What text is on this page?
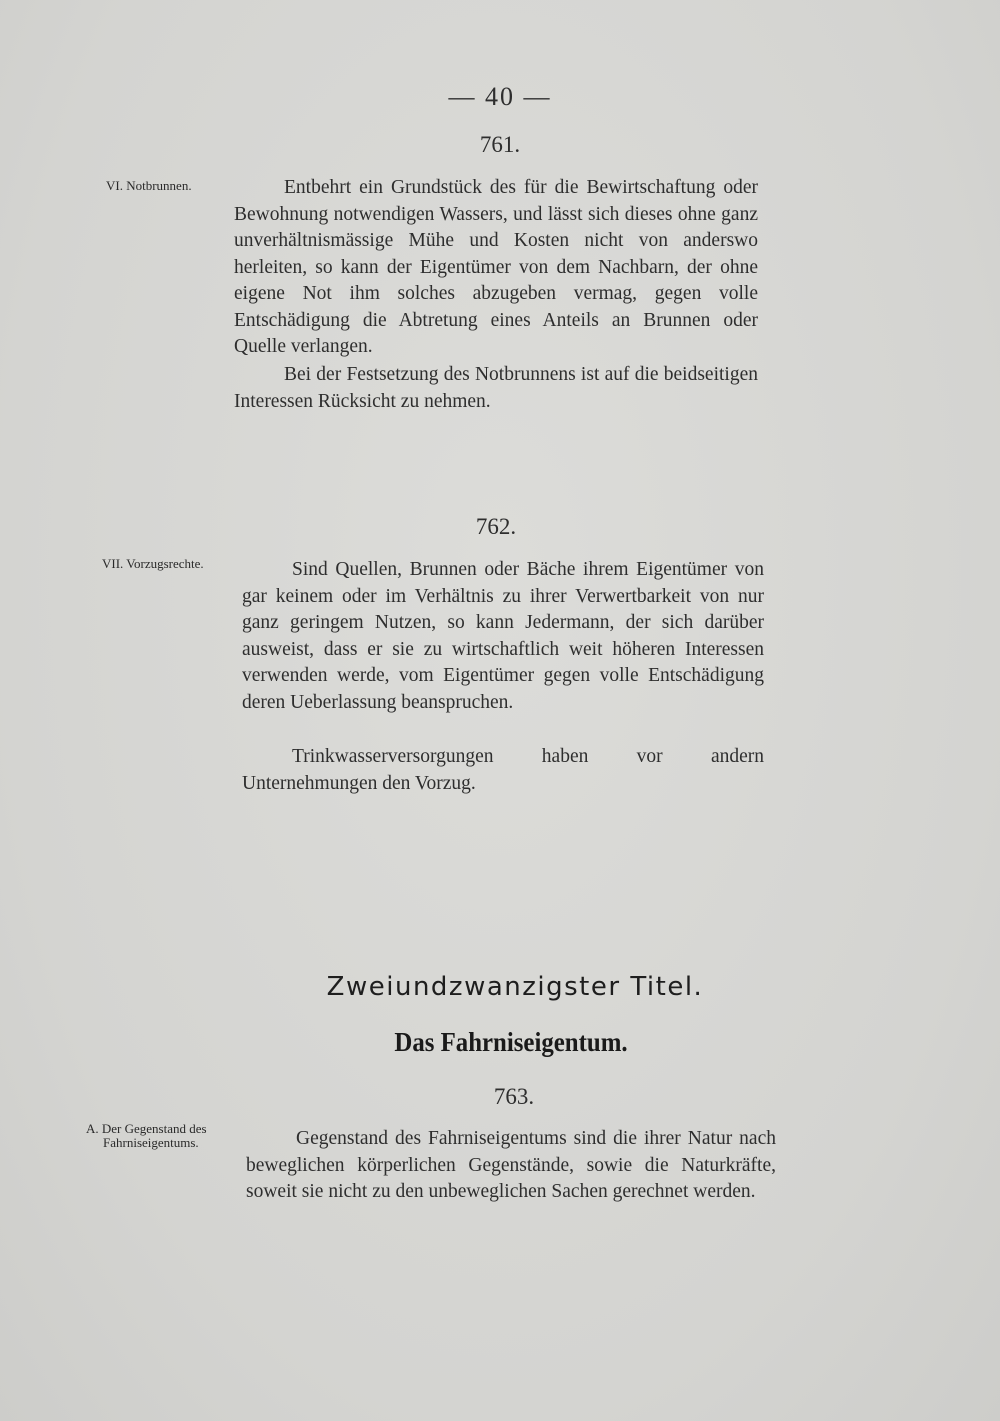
— 40 —
761.
VI. Notbrunnen.	Entbehrt ein Grundstück des für die Bewirtschaftung oder Bewohnung notwendigen Wassers, und lässt sich dieses ohne ganz unverhältnismässige Mühe und Kosten nicht von anderswo herleiten, so kann der Eigentümer von dem Nachbarn, der ohne eigene Not ihm solches abzugeben vermag, gegen volle Entschädigung die Abtretung eines Anteils an Brunnen oder Quelle verlangen.

Bei der Festsetzung des Notbrunnens ist auf die beidseitigen Interessen Rücksicht zu nehmen.

762.
VII. Vorzugsrechte.	Sind Quellen, Brunnen oder Bäche ihrem Eigentümer von gar keinem oder im Verhältnis zu ihrer Verwertbarkeit von nur ganz geringem Nutzen, so kann Jedermann, der sich darüber ausweist, dass er sie zu wirtschaftlich weit höheren Interessen verwenden werde, vom Eigentümer gegen volle Entschädigung deren Ueberlassung beanspruchen.

Trinkwasserversorgungen haben vor andern Unternehmungen den Vorzug.

Zweiundzwanzigster Titel.
Das Fahrniseigentum.
763.
A. Der Gegenstand des
Fahrniseigentums.	Gegenstand des Fahrniseigentums sind die ihrer Natur nach beweglichen körperlichen Gegenstände, sowie die Naturkräfte, soweit sie nicht zu den unbeweglichen Sachen gerechnet werden.
